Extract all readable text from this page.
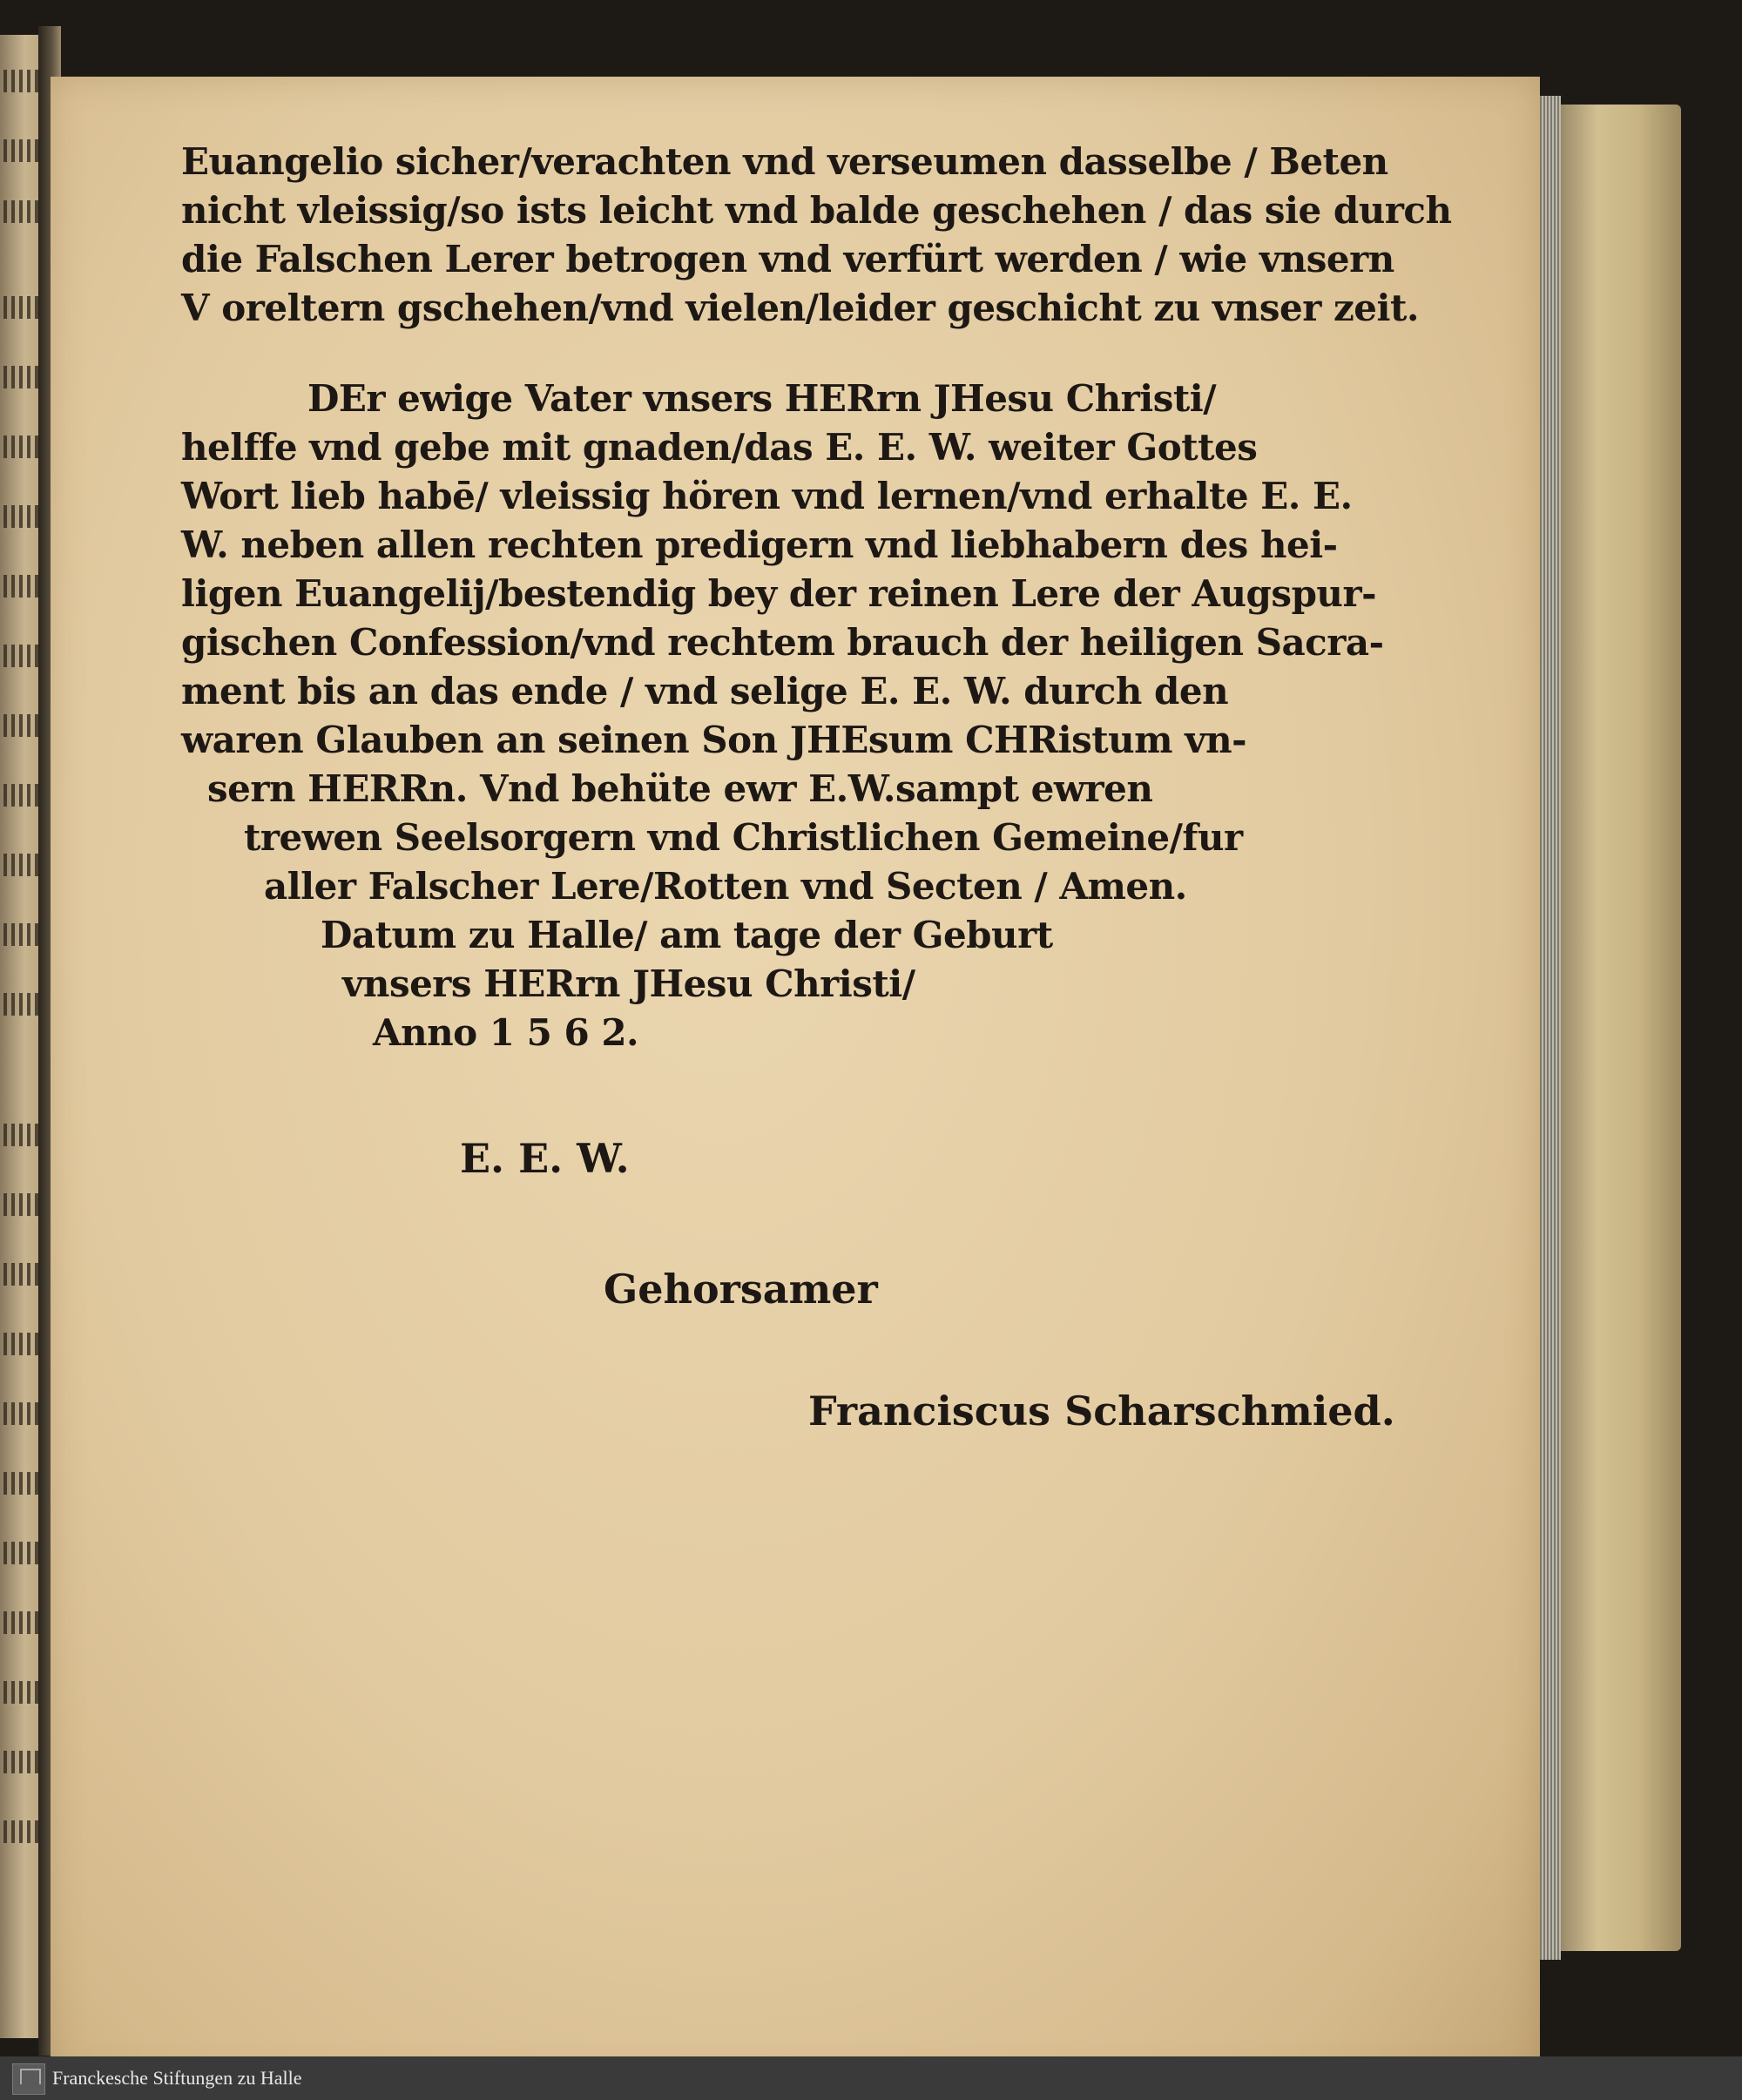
Euangelio sicher/verachten vnd verseumen dasselbe / Beten
nicht vleissig/so ists leicht vnd balde geschehen / das sie durch
die Falschen Lerer betrogen vnd verfürt werden / wie vnsern
V oreltern gschehen/vnd vielen/leider geschicht zu vnser zeit.
DEr ewige Vater vnsers HERrn JHesu Christi/
helffe vnd gebe mit gnaden/das E. E. W. weiter Gottes
Wort lieb habē/ vleissig hören vnd lernen/vnd erhalte E. E.
W. neben allen rechten predigern vnd liebhabern des hei-
ligen Euangelij/bestendig bey der reinen Lere der Augspur-
gischen Confession/vnd rechtem brauch der heiligen Sacra-
ment bis an das ende / vnd selige E. E. W. durch den
waren Glauben an seinen Son JHEsum CHRistum vn-
sern HERRn. Vnd behüte ewr E.W.sampt ewren
trewen Seelsorgern vnd Christlichen Gemeine/fur
aller Falscher Lere/Rotten vnd Secten / Amen.
Datum zu Halle/ am tage der Geburt
vnsers HERrn JHesu Christi/
Anno 1 5 6 2.
E. E. W.
Gehorsamer
Franciscus Scharschmied.
Franckesche Stiftungen zu Halle
